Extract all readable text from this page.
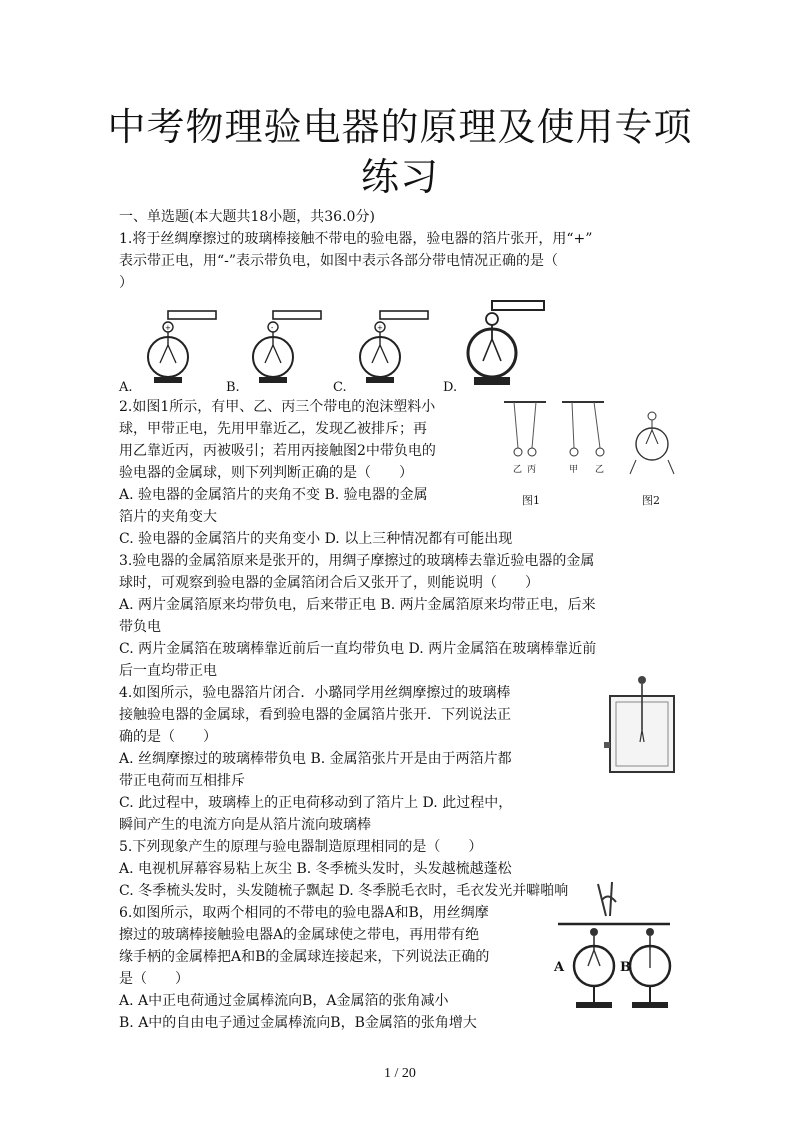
中考物理验电器的原理及使用专项
练习
一、单选题(本大题共18小题，共36.0分)
1.将于丝绸摩擦过的玻璃棒接触不带电的验电器，验电器的箔片张开，用“+”
表示带正电，用“-”表示带负电，如图中表示各部分带电情况正确的是（
）
+	-	+
A.	B.	C.	D.
2.如图1所示，有甲、乙、丙三个带电的泡沫塑料小
球，甲带正电，先用甲靠近乙，发现乙被排斥；再
用乙靠近丙，丙被吸引；若用丙接触图2中带负电的
验电器的金属球，则下列判断正确的是（　　）
A. 验电器的金属箔片的夹角不变 B. 验电器的金属
箔片的夹角变大
乙 丙	甲 乙
图1	图2
C. 验电器的金属箔片的夹角变小 D. 以上三种情况都有可能出现
3.验电器的金属箔原来是张开的，用绸子摩擦过的玻璃棒去靠近验电器的金属
球时，可观察到验电器的金属箔闭合后又张开了，则能说明（　　）
A. 两片金属箔原来均带负电，后来带正电 B. 两片金属箔原来均带正电，后来
带负电
C. 两片金属箔在玻璃棒靠近前后一直均带负电 D. 两片金属箔在玻璃棒靠近前
后一直均带正电
4.如图所示，验电器箔片闭合．小璐同学用丝绸摩擦过的玻璃棒
接触验电器的金属球，看到验电器的金属箔片张开．下列说法正
确的是（　　）
A. 丝绸摩擦过的玻璃棒带负电 B. 金属箔张片开是由于两箔片都
带正电荷而互相排斥
C. 此过程中，玻璃棒上的正电荷移动到了箔片上 D. 此过程中，
瞬间产生的电流方向是从箔片流向玻璃棒
5.下列现象产生的原理与验电器制造原理相同的是（　　）
A. 电视机屏幕容易粘上灰尘 B. 冬季梳头发时，头发越梳越蓬松
C. 冬季梳头发时，头发随梳子飘起 D. 冬季脱毛衣时，毛衣发光并噼啪响
6.如图所示，取两个相同的不带电的验电器A和B，用丝绸摩
擦过的玻璃棒接触验电器A的金属球使之带电，再用带有绝
缘手柄的金属棒把A和B的金属球连接起来，下列说法正确的
是（　　）
A. A中正电荷通过金属棒流向B，A金属箔的张角减小
B. A中的自由电子通过金属棒流向B，B金属箔的张角增大
A	B
1 / 20
